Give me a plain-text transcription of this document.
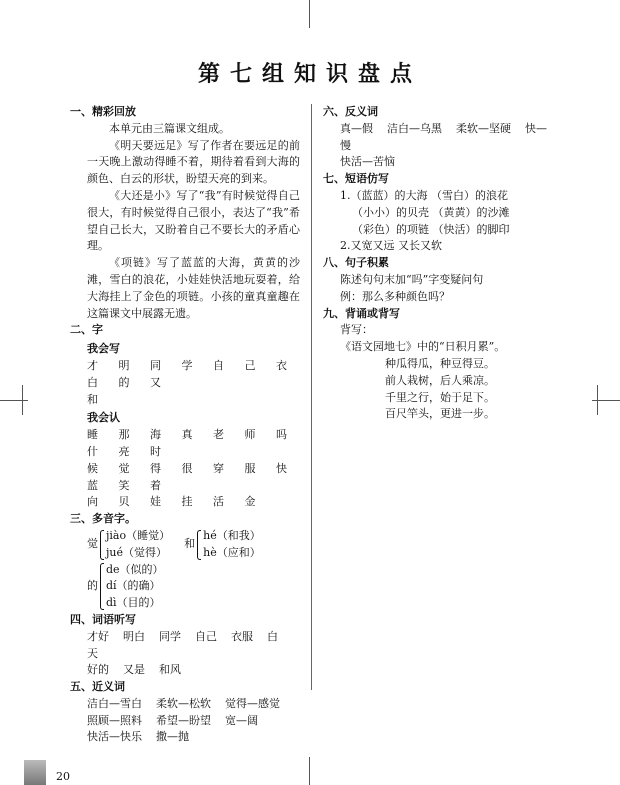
第七组知识盘点
一、精彩回放
本单元由三篇课文组成。
《明天要远足》写了作者在要远足的前一天晚上激动得睡不着，期待着看到大海的颜色、白云的形状，盼望天亮的到来。
《大还是小》写了“我”有时候觉得自己很大，有时候觉得自己很小，表达了“我”希望自己长大，又盼着自己不要长大的矛盾心理。
《项链》写了蓝蓝的大海，黄黄的沙滩，雪白的浪花，小娃娃快活地玩耍着，给大海挂上了金色的项链。小孩的童真童趣在这篇课文中展露无遗。
二、字
我会写
才 明 同 学 自 己 衣 白 的 又
和
我会认
睡 那 海 真 老 师 吗 什 亮 时
候 觉 得 很 穿 服 快 蓝 笑 着
向 贝 娃 挂 活 金
三、多音字。
觉
jiào（睡觉）
jué（觉得）
和
hé（和我）
hè（应和）
的
de（似的）
dí（的确）
dì（目的）
四、词语听写
才好 明白 同学 自己 衣服 白天
好的 又是 和风
五、近义词
洁白—雪白 柔软—松软 觉得—感觉
照顾—照料 希望—盼望 宽—阔
快活—快乐 撒—抛
六、反义词
真—假 洁白—乌黑 柔软—坚硬 快—慢
快活—苦恼
七、短语仿写
1.（蓝蓝）的大海 （雪白）的浪花
（小小）的贝壳 （黄黄）的沙滩
（彩色）的项链 （快活）的脚印
2.又宽又远 又长又软
八、句子积累
陈述句句末加“吗”字变疑问句
例：那么多种颜色吗？
九、背诵或背写
背写：
《语文园地七》中的“日积月累”。
种瓜得瓜，种豆得豆。
前人栽树，后人乘凉。
千里之行，始于足下。
百尺竿头，更进一步。
20
